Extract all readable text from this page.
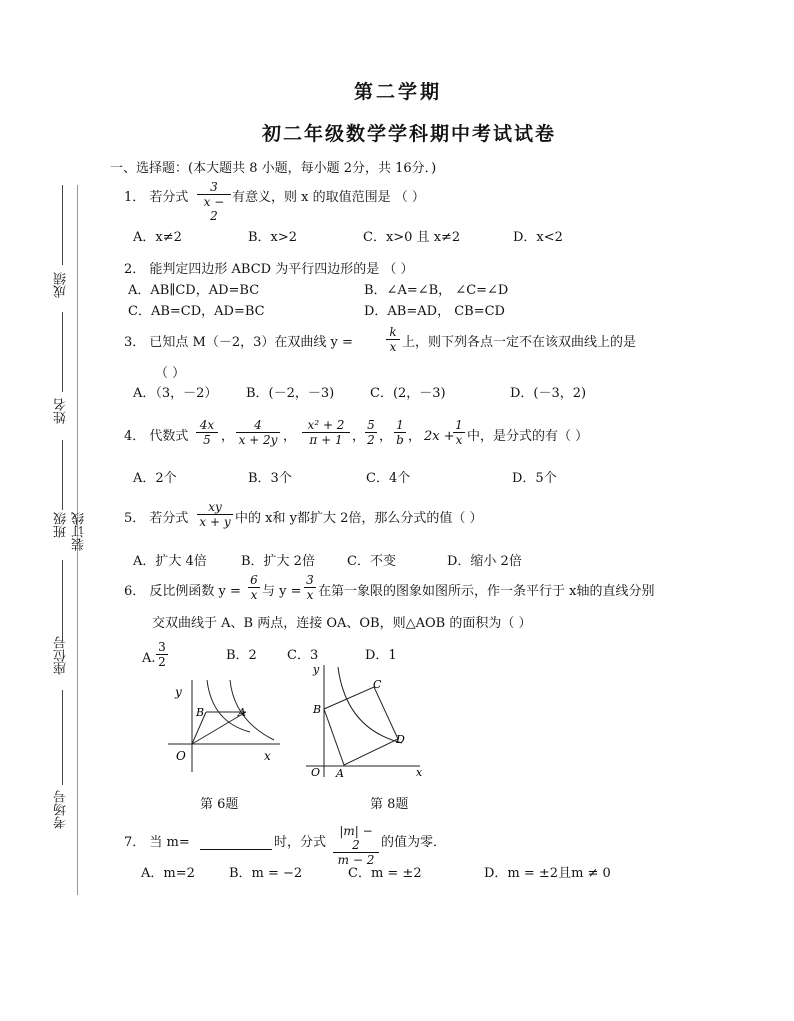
成绩
姓名
班级 装订线
座位号
考场号
第二学期
初二年级数学学科期中考试试卷
一、选择题：(本大题共 8 小题，每小题 2分，共 16分．)
1． 若分式 $\frac{3}{x - 2}$ 有意义，则 x 的取值范围是 （ ）
A．x≠2	B．x>2	C．x>0 且 x≠2	D．x<2
2． 能判定四边形 ABCD 为平行四边形的是 （ ）
A．AB∥CD，AD=BC	B．∠A=∠B， ∠C=∠D
C．AB=CD，AD=BC	D．AB=AD， CB=CD
3． 已知点 M（－2，3）在双曲线 y =	$\frac{k}{x}$ 上，则下列各点一定不在该双曲线上的是
（ ）
A．（3，－2） B．(－2，－3)	C．(2，－3)	D．(－3，2)
4． 代数式 $\frac{4x}{5}$ ， $\frac{4}{x + 2y}$ ， $\frac{\text{x² + 2}}{\pi + 1}$ ， $\frac{5}{2}$ ， $\frac{1}{b}$ ， 2x +
$\frac{1}{x}$ 中，是分式的有（ ）
A．2个	B．3个	C．4个	D．5个
5． 若分式 $\frac{xy}{x + y}$ 中的 x和 y都扩大 2倍，那么分式的值（ ）
A．扩大 4倍	B．扩大 2倍 C．不变	D．缩小 2倍
6． 反比例函数 $y = \frac{6}{x}$ 与 $y = \frac{3}{x}$ 在第一象限的图象如图所示，作一条平行于 x轴的直线分别
交双曲线于 A、B 两点，连接 OA、OB，则△AOB 的面积为（ ）
A. $\frac{3}{2}$	B．2 C．3	D．1
y
x
O
B	A
第 6题
y
x
O A
B
C
D
第 8题
7． 当 m=	时，分式 $\frac{|m| - 2}{m - 2}$ 的值为零．
A．m=2	B．m = −2	C．m = ±2	D．m = ±2且m ≠ 0
